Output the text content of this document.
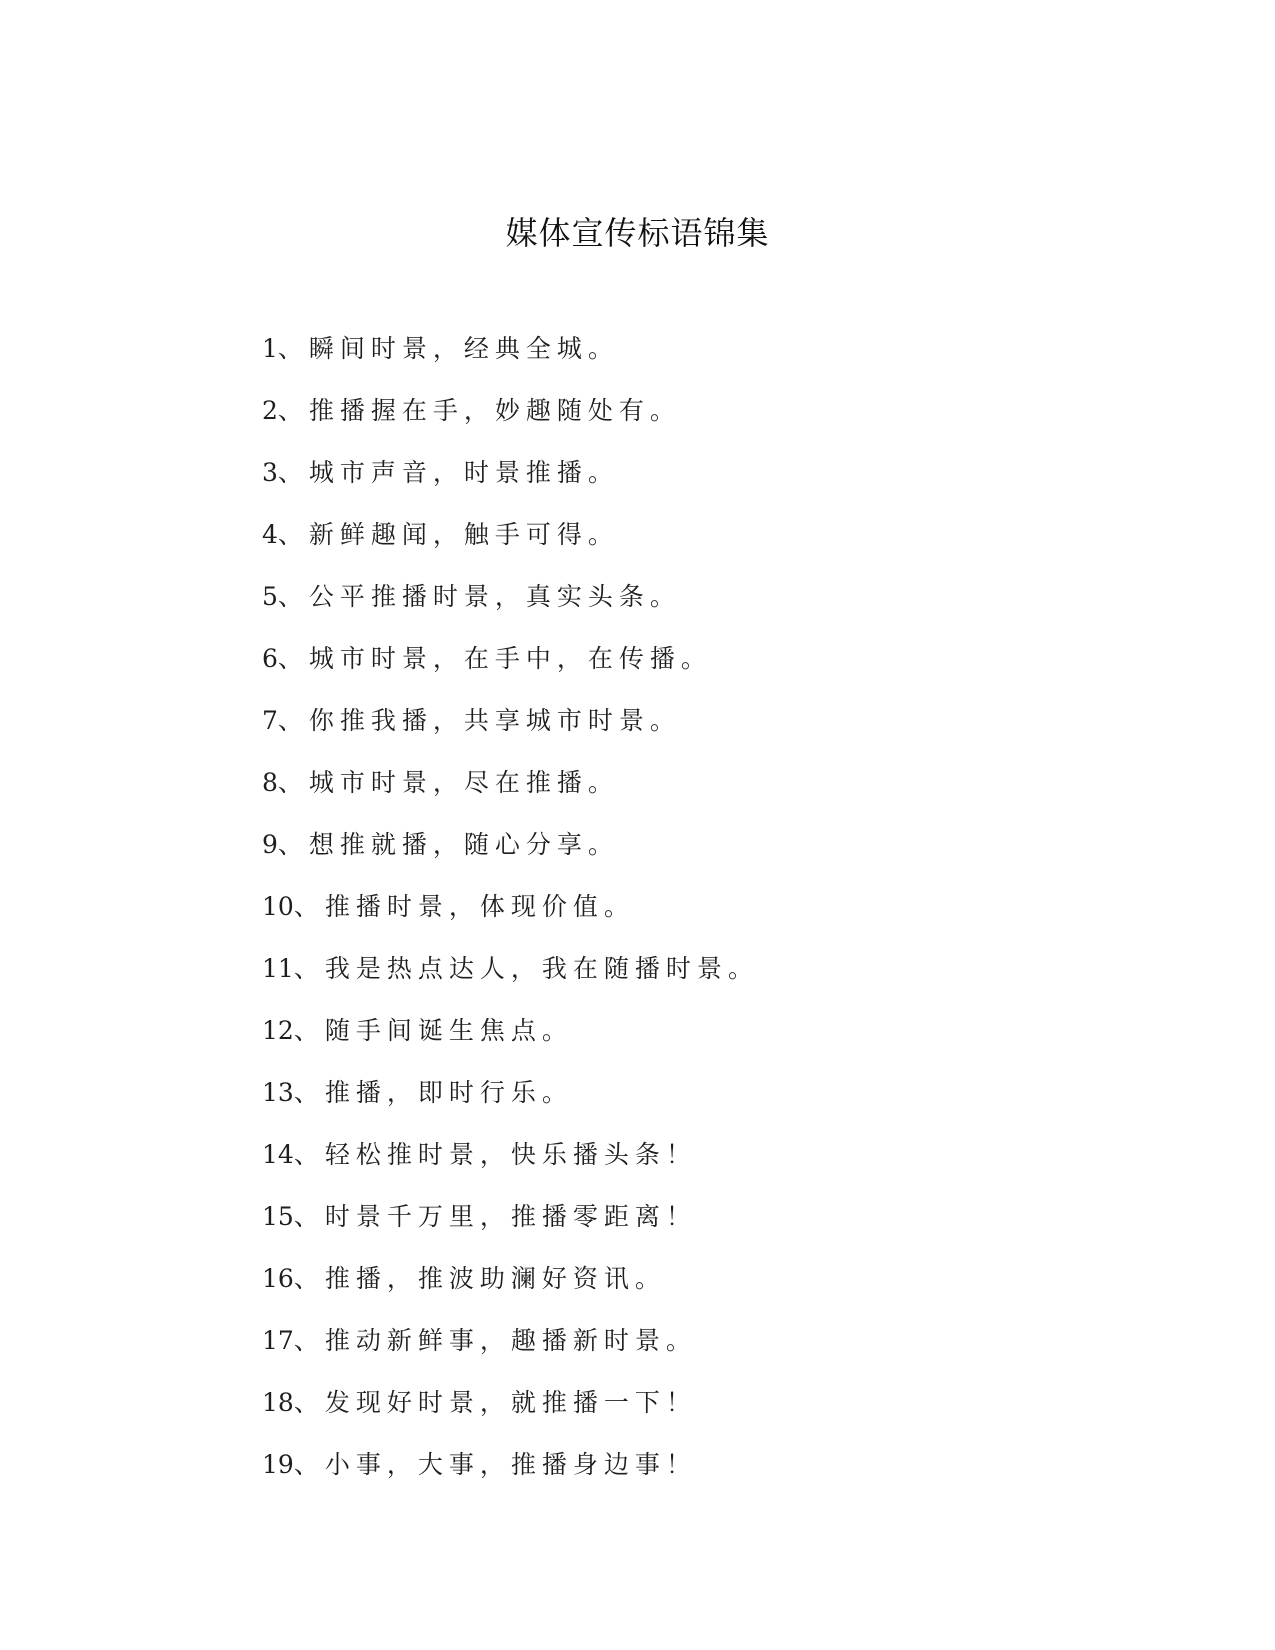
媒体宣传标语锦集
1、瞬间时景，经典全城。
2、推播握在手，妙趣随处有。
3、城市声音，时景推播。
4、新鲜趣闻，触手可得。
5、公平推播时景，真实头条。
6、城市时景，在手中，在传播。
7、你推我播，共享城市时景。
8、城市时景，尽在推播。
9、想推就播，随心分享。
10、推播时景，体现价值。
11、我是热点达人，我在随播时景。
12、随手间诞生焦点。
13、推播，即时行乐。
14、轻松推时景，快乐播头条！
15、时景千万里，推播零距离！
16、推播，推波助澜好资讯。
17、推动新鲜事，趣播新时景。
18、发现好时景，就推播一下！
19、小事，大事，推播身边事！
